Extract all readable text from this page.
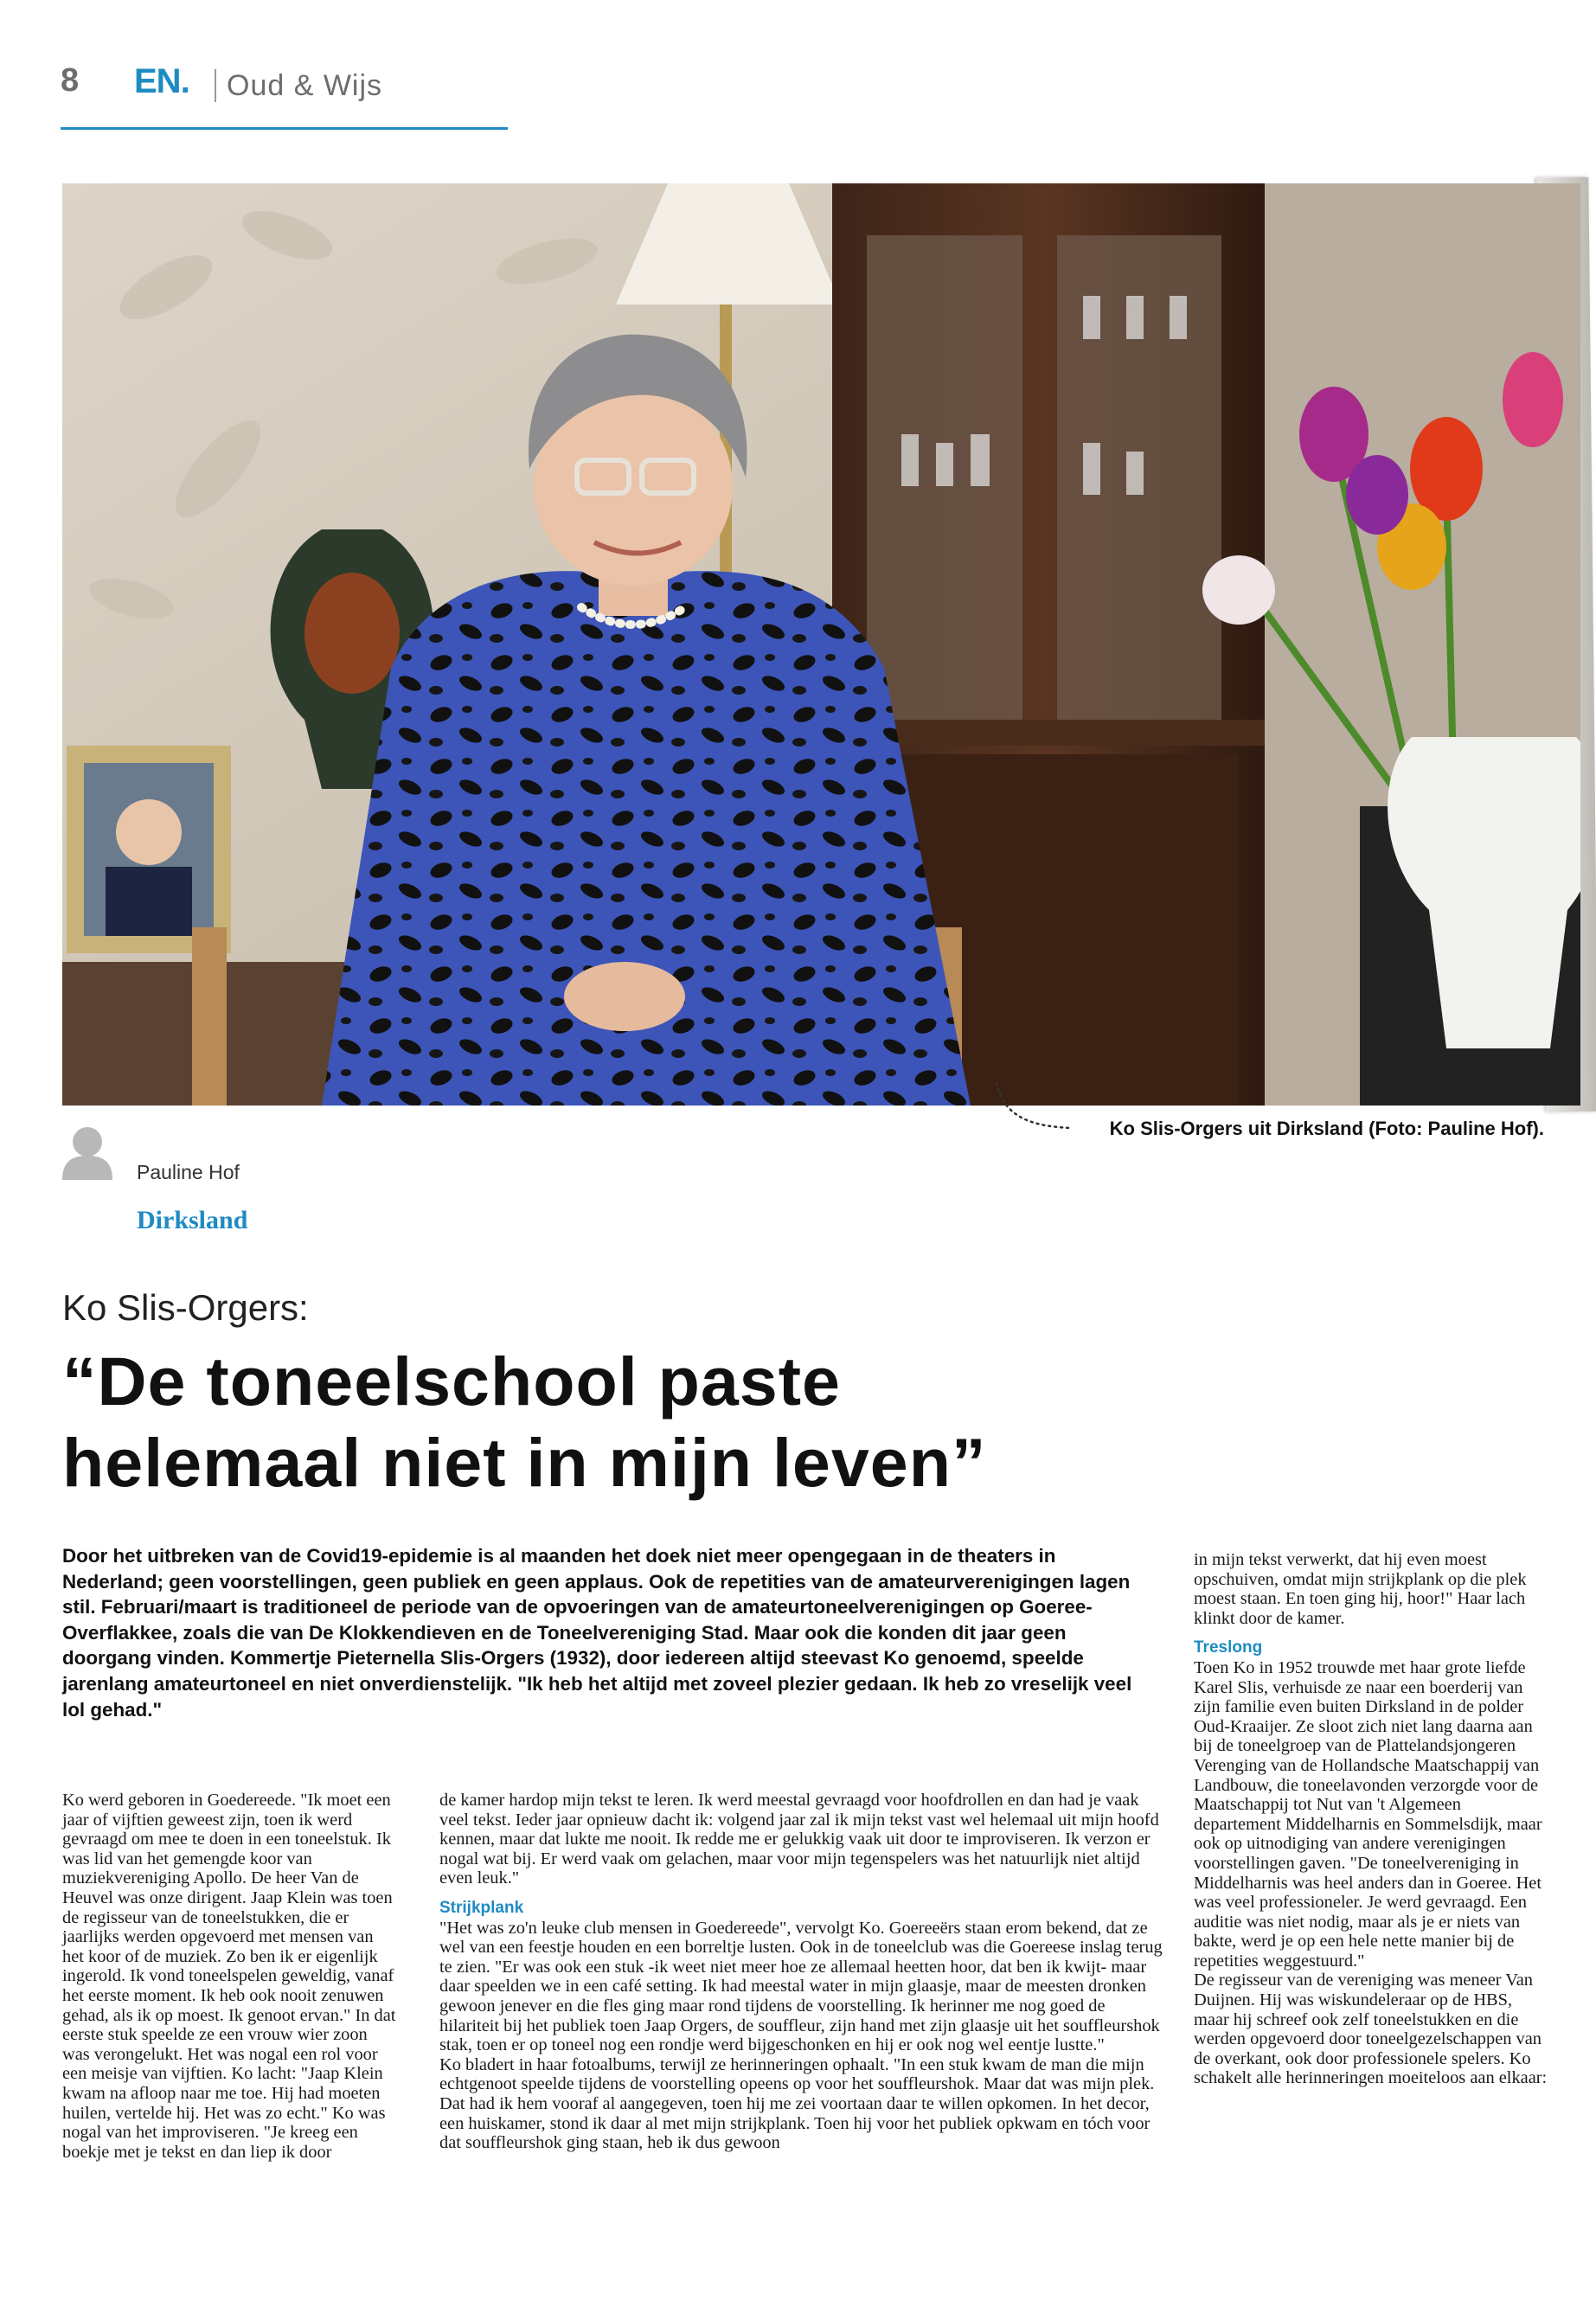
8 EN. Oud & Wijs
Ko Slis-Orgers uit Dirksland (Foto: Pauline Hof).
Pauline Hof
Dirksland
Ko Slis-Orgers:
“De toneelschool paste
helemaal niet in mijn leven”

Door het uitbreken van de Covid19-epidemie is al maanden het doek niet meer opengegaan in de theaters in Nederland; geen voorstellingen, geen publiek en geen applaus. Ook de repetities van de amateurverenigingen lagen stil. Februari/maart is traditioneel de periode van de opvoeringen van de amateurtoneelverenigingen op Goeree-Overflakkee, zoals die van De Klokkendieven en de Toneelvereniging Stad. Maar ook die konden dit jaar geen doorgang vinden. Kommertje Pieternella Slis-Orgers (1932), door iedereen altijd steevast Ko genoemd, speelde jarenlang amateurtoneel en niet onverdienstelijk. "Ik heb het altijd met zoveel plezier gedaan. Ik heb zo vreselijk veel lol gehad."

Ko werd geboren in Goedereede. "Ik moet een jaar of vijftien geweest zijn, toen ik werd gevraagd om mee te doen in een toneelstuk. Ik was lid van het gemengde koor van muziekvereniging Apollo. De heer Van de Heuvel was onze dirigent. Jaap Klein was toen de regisseur van de toneelstukken, die er jaarlijks werden opgevoerd met mensen van het koor of de muziek. Zo ben ik er eigenlijk ingerold. Ik vond toneelspelen geweldig, vanaf het eerste moment. Ik heb ook nooit zenuwen gehad, als ik op moest. Ik genoot ervan." In dat eerste stuk speelde ze een vrouw wier zoon was verongelukt. Het was nogal een rol voor een meisje van vijftien. Ko lacht: "Jaap Klein kwam na afloop naar me toe. Hij had moeten huilen, vertelde hij. Het was zo echt." Ko was nogal van het improviseren. "Je kreeg een boekje met je tekst en dan liep ik door

de kamer hardop mijn tekst te leren. Ik werd meestal gevraagd voor hoofdrollen en dan had je vaak veel tekst. Ieder jaar opnieuw dacht ik: volgend jaar zal ik mijn tekst vast wel helemaal uit mijn hoofd kennen, maar dat lukte me nooit. Ik redde me er gelukkig vaak uit door te improviseren. Ik verzon er nogal wat bij. Er werd vaak om gelachen, maar voor mijn tegenspelers was het natuurlijk niet altijd even leuk."

Strijkplank

"Het was zo'n leuke club mensen in Goedereede", vervolgt Ko. Goereeërs staan erom bekend, dat ze wel van een feestje houden en een borreltje lusten. Ook in de toneelclub was die Goereese inslag terug te zien. "Er was ook een stuk -ik weet niet meer hoe ze allemaal heetten hoor, dat ben ik kwijt- maar daar speelden we in een café setting. Ik had meestal water in mijn glaasje, maar de meesten dronken gewoon jenever en die fles ging maar rond tijdens de voorstelling. Ik herinner me nog goed de hilariteit bij het publiek toen Jaap Orgers, de souffleur, zijn hand met zijn glaasje uit het souffleurshok stak, toen er op toneel nog een rondje werd bijgeschonken en hij er ook nog wel eentje lustte."

Ko bladert in haar fotoalbums, terwijl ze herinneringen ophaalt. "In een stuk kwam de man die mijn echtgenoot speelde tijdens de voorstelling opeens op voor het souffleurshok. Maar dat was mijn plek. Dat had ik hem vooraf al aangegeven, toen hij me zei voortaan daar te willen opkomen. In het decor, een huiskamer, stond ik daar al met mijn strijkplank. Toen hij voor het publiek opkwam en tóch voor dat souffleurshok ging staan, heb ik dus gewoon

in mijn tekst verwerkt, dat hij even moest opschuiven, omdat mijn strijkplank op die plek moest staan. En toen ging hij, hoor!" Haar lach klinkt door de kamer.

Treslong

Toen Ko in 1952 trouwde met haar grote liefde Karel Slis, verhuisde ze naar een boerderij van zijn familie even buiten Dirksland in de polder Oud-Kraaijer. Ze sloot zich niet lang daarna aan bij de toneelgroep van de Plattelandsjongeren Verenging van de Hollandsche Maatschappij van Landbouw, die toneelavonden verzorgde voor de Maatschappij tot Nut van 't Algemeen departement Middelharnis en Sommelsdijk, maar ook op uitnodiging van andere verenigingen voorstellingen gaven. "De toneelvereniging in Middelharnis was heel anders dan in Goeree. Het was veel professioneler. Je werd gevraagd. Een auditie was niet nodig, maar als je er niets van bakte, werd je op een hele nette manier bij de repetities weggestuurd."

De regisseur van de vereniging was meneer Van Duijnen. Hij was wiskundeleraar op de HBS, maar hij schreef ook zelf toneelstukken en die werden opgevoerd door toneelgezelschappen van de overkant, ook door professionele spelers. Ko schakelt alle herinneringen moeiteloos aan elkaar:
